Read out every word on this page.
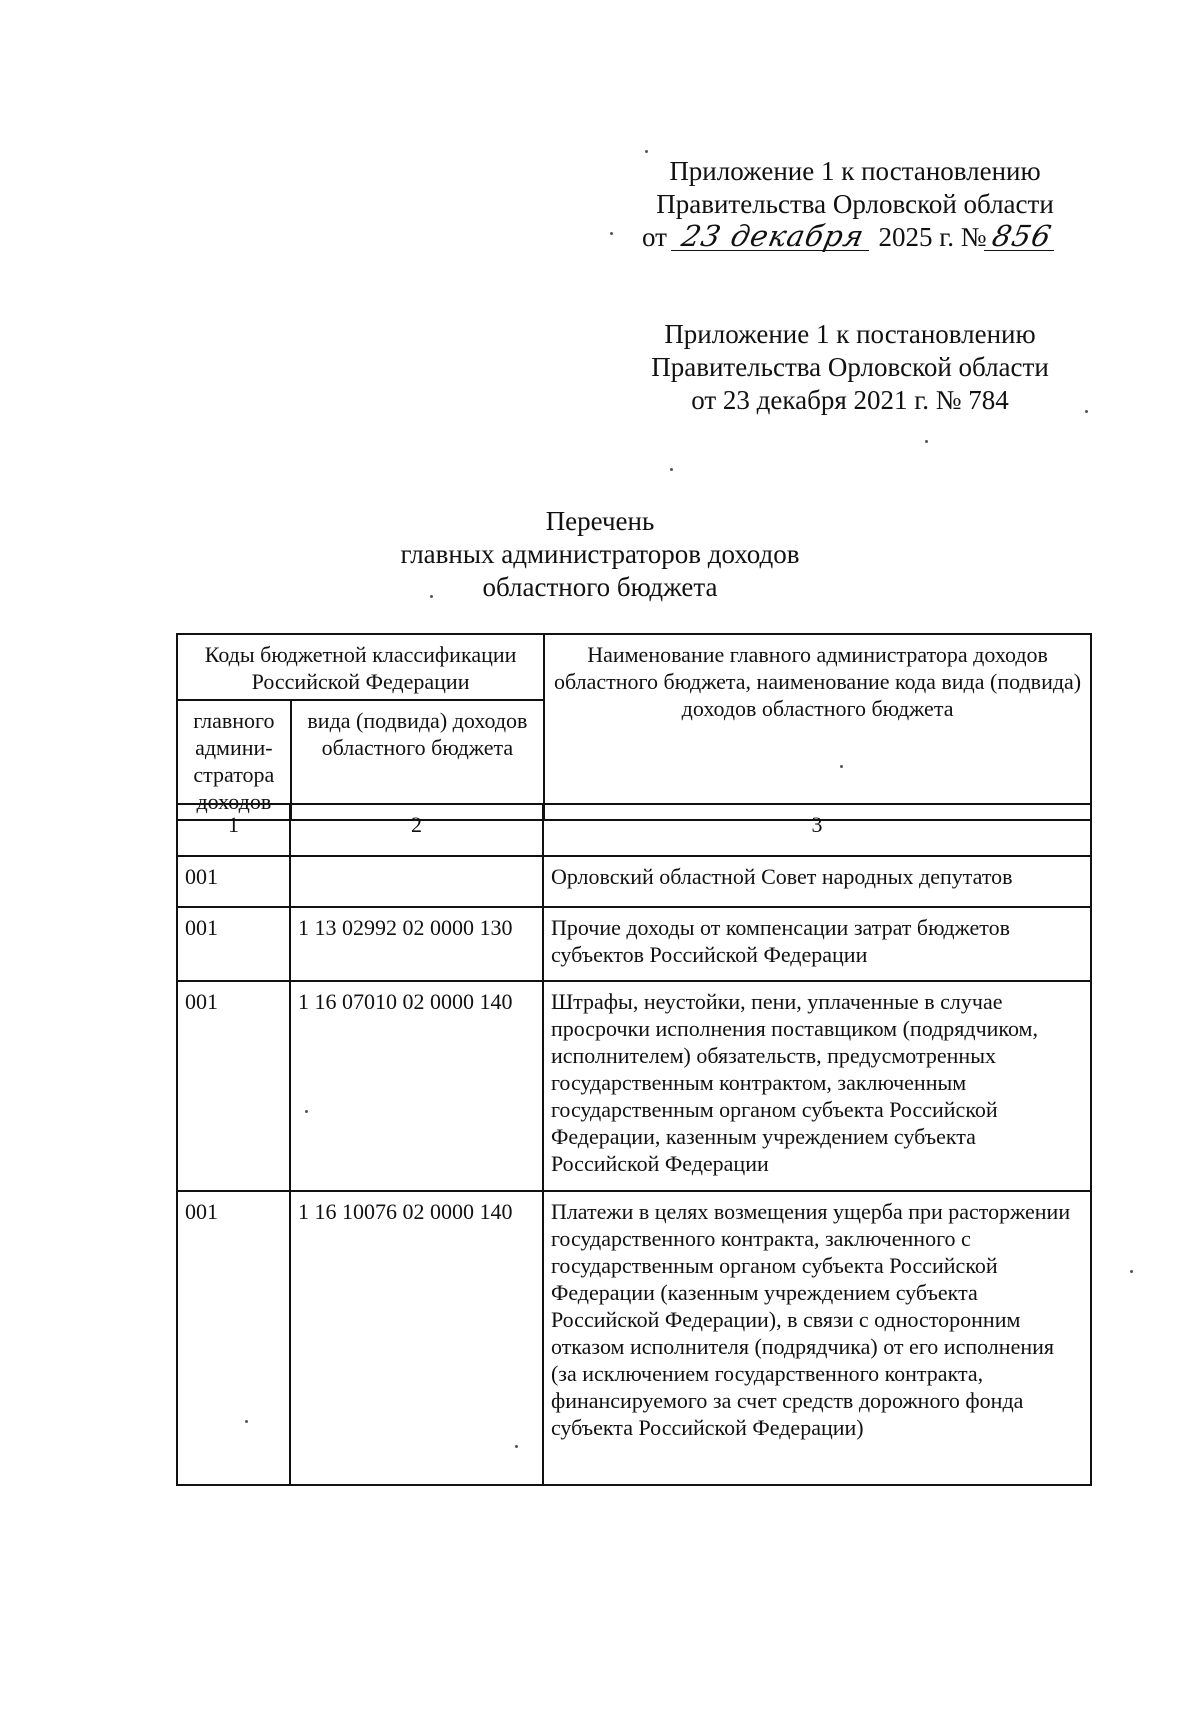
Приложение 1 к постановлению
Правительства Орловской области
от 23 декабря 2025 г. №856
Приложение 1 к постановлению
Правительства Орловской области
от 23 декабря 2021 г. № 784
Перечень
главных администраторов доходов
областного бюджета
Коды бюджетной классификации Российской Федерации		Наименование главного администратора доходов областного бюджета, наименование кода вида (подвида) доходов областного бюджета
главного админи-стратора доходов	вида (подвида) доходов областного бюджета	
1	2	3
001		Орловский областной Совет народных депутатов
001	1 13 02992 02 0000 130	Прочие доходы от компенсации затрат бюджетов субъектов Российской Федерации
001	1 16 07010 02 0000 140	Штрафы, неустойки, пени, уплаченные в случае просрочки исполнения поставщиком (подрядчиком, исполнителем) обязательств, предусмотренных государственным контрактом, заключенным государственным органом субъекта Российской Федерации, казенным учреждением субъекта Российской Федерации
001	1 16 10076 02 0000 140	Платежи в целях возмещения ущерба при расторжении государственного контракта, заключенного с государственным органом субъекта Российской Федерации (казенным учреждением субъекта Российской Федерации), в связи с односторонним отказом исполнителя (подрядчика) от его исполнения (за исключением государственного контракта, финансируемого за счет средств дорожного фонда субъекта Российской Федерации)
